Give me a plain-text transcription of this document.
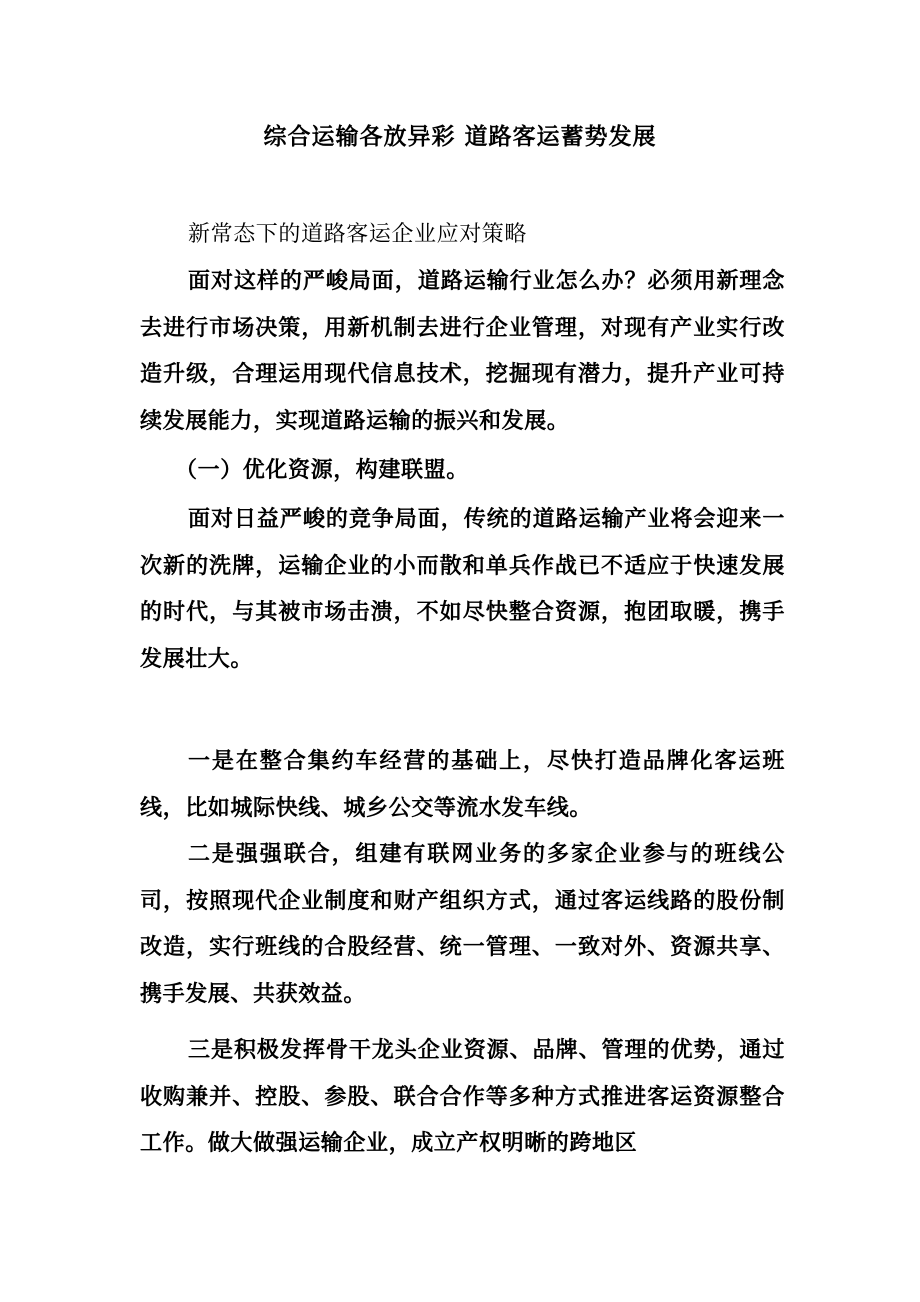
综合运输各放异彩 道路客运蓄势发展

新常态下的道路客运企业应对策略

面对这样的严峻局面，道路运输行业怎么办？必须用新理念去进行市场决策，用新机制去进行企业管理，对现有产业实行改造升级，合理运用现代信息技术，挖掘现有潜力，提升产业可持续发展能力，实现道路运输的振兴和发展。

（一）优化资源，构建联盟。

面对日益严峻的竞争局面，传统的道路运输产业将会迎来一次新的洗牌，运输企业的小而散和单兵作战已不适应于快速发展的时代，与其被市场击溃，不如尽快整合资源，抱团取暖，携手发展壮大。

一是在整合集约车经营的基础上，尽快打造品牌化客运班线，比如城际快线、城乡公交等流水发车线。

二是强强联合，组建有联网业务的多家企业参与的班线公司，按照现代企业制度和财产组织方式，通过客运线路的股份制改造，实行班线的合股经营、统一管理、一致对外、资源共享、携手发展、共获效益。

三是积极发挥骨干龙头企业资源、品牌、管理的优势，通过收购兼并、控股、参股、联合合作等多种方式推进客运资源整合工作。做大做强运输企业，成立产权明晰的跨地区
